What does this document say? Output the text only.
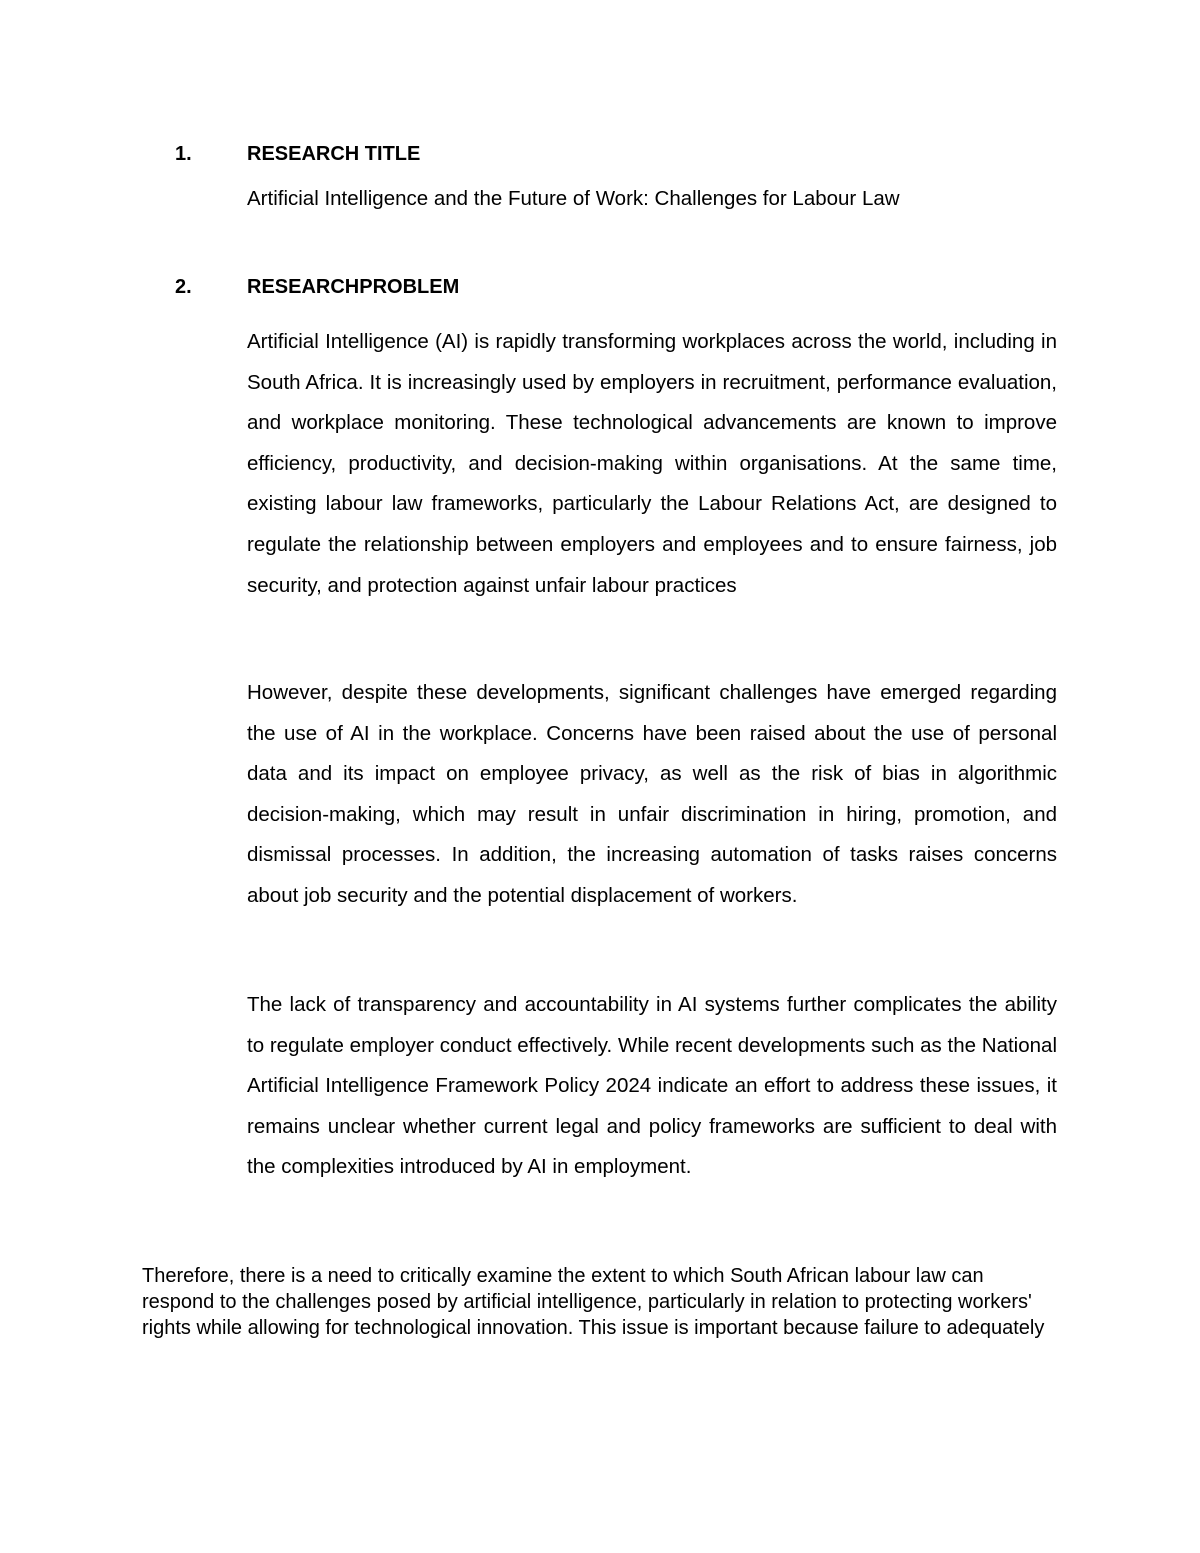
1.	RESEARCH TITLE
Artificial Intelligence and the Future of Work: Challenges for Labour Law
2.	RESEARCHPROBLEM

Artificial Intelligence (AI) is rapidly transforming workplaces across the world, including in South Africa. It is increasingly used by employers in recruitment, performance evaluation, and workplace monitoring. These technological advancements are known to improve efficiency, productivity, and decision-making within organisations. At the same time, existing labour law frameworks, particularly the Labour Relations Act, are designed to regulate the relationship between employers and employees and to ensure fairness, job security, and protection against unfair labour practices

However, despite these developments, significant challenges have emerged regarding the use of AI in the workplace. Concerns have been raised about the use of personal data and its impact on employee privacy, as well as the risk of bias in algorithmic decision-making, which may result in unfair discrimination in hiring, promotion, and dismissal processes. In addition, the increasing automation of tasks raises concerns about job security and the potential displacement of workers.

The lack of transparency and accountability in AI systems further complicates the ability to regulate employer conduct effectively. While recent developments such as the National Artificial Intelligence Framework Policy 2024 indicate an effort to address these issues, it remains unclear whether current legal and policy frameworks are sufficient to deal with the complexities introduced by AI in employment.

Therefore, there is a need to critically examine the extent to which South African labour law can respond to the challenges posed by artificial intelligence, particularly in relation to protecting workers' rights while allowing for technological innovation. This issue is important because failure to adequately
